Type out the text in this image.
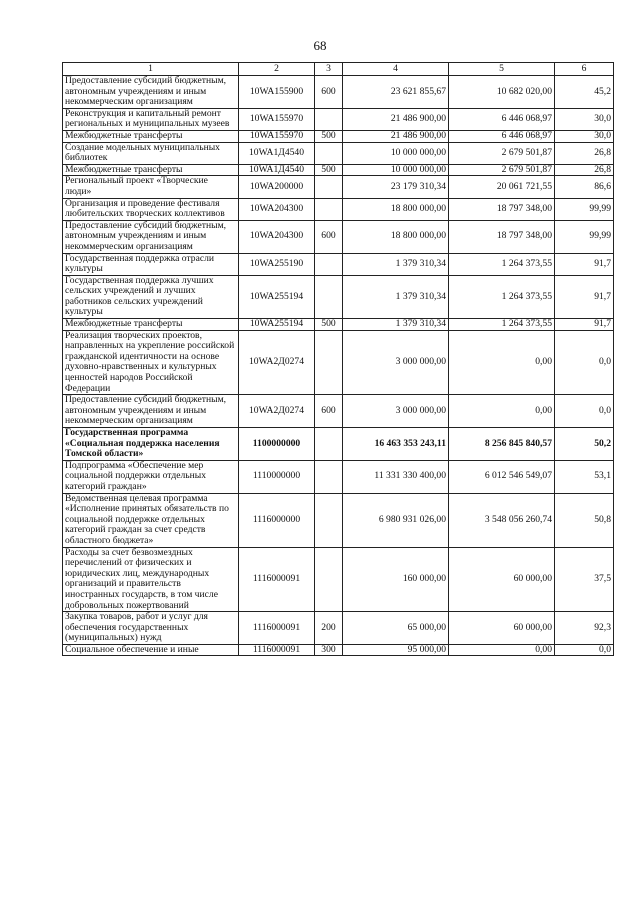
68
1	2	3	4	5	6
Предоставление субсидий бюджетным, автономным учреждениям и иным некоммерческим организациям	10WA155900	600	23 621 855,67	10 682 020,00	45,2
Реконструкция и капитальный ремонт региональных и муниципальных музеев	10WA155970		21 486 900,00	6 446 068,97	30,0
Межбюджетные трансферты	10WA155970	500	21 486 900,00	6 446 068,97	30,0
Создание модельных муниципальных библиотек	10WA1Д4540		10 000 000,00	2 679 501,87	26,8
Межбюджетные трансферты	10WA1Д4540	500	10 000 000,00	2 679 501,87	26,8
Региональный проект «Творческие люди»	10WA200000		23 179 310,34	20 061 721,55	86,6
Организация и проведение фестиваля любительских творческих коллективов	10WA204300		18 800 000,00	18 797 348,00	99,99
Предоставление субсидий бюджетным, автономным учреждениям и иным некоммерческим организациям	10WA204300	600	18 800 000,00	18 797 348,00	99,99
Государственная поддержка отрасли культуры	10WA255190		1 379 310,34	1 264 373,55	91,7
Государственная поддержка лучших сельских учреждений и лучших работников сельских учреждений культуры	10WA255194		1 379 310,34	1 264 373,55	91,7
Межбюджетные трансферты	10WA255194	500	1 379 310,34	1 264 373,55	91,7
Реализация творческих проектов, направленных на укрепление российской гражданской идентичности на основе духовно-нравственных и культурных ценностей народов Российской Федерации	10WA2Д0274		3 000 000,00	0,00	0,0
Предоставление субсидий бюджетным, автономным учреждениям и иным некоммерческим организациям	10WA2Д0274	600	3 000 000,00	0,00	0,0
Государственная программа «Социальная поддержка населения Томской области»	1100000000		16 463 353 243,11	8 256 845 840,57	50,2
Подпрограмма «Обеспечение мер социальной поддержки отдельных категорий граждан»	1110000000		11 331 330 400,00	6 012 546 549,07	53,1
Ведомственная целевая программа «Исполнение принятых обязательств по социальной поддержке отдельных категорий граждан за счет средств областного бюджета»	1116000000		6 980 931 026,00	3 548 056 260,74	50,8
Расходы за счет безвозмездных перечислений от физических и юридических лиц, международных организаций и правительств иностранных государств, в том числе добровольных пожертвований	1116000091		160 000,00	60 000,00	37,5
Закупка товаров, работ и услуг для обеспечения государственных (муниципальных) нужд	1116000091	200	65 000,00	60 000,00	92,3
Социальное обеспечение и иные	1116000091	300	95 000,00	0,00	0,0
